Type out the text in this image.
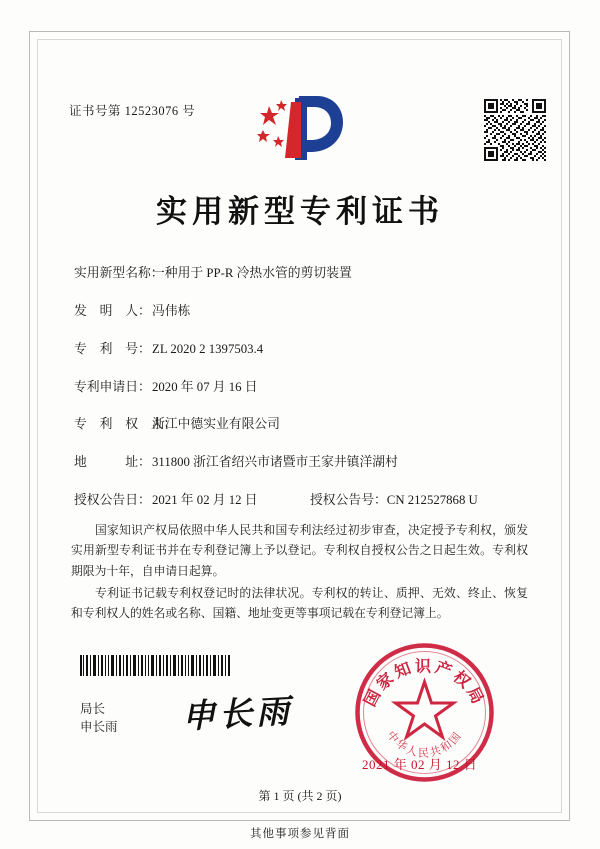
证书号第 12523076 号
实用新型专利证书
实用新型名称：一种用于 PP-R 冷热水管的剪切装置
发　明　人：冯伟栋
专　利　号：ZL 2020 2 1397503.4
专利申请日：2020 年 07 月 16 日
专　利　权　人：浙江中德实业有限公司
地　　　址：311800 浙江省绍兴市诸暨市王家井镇洋湖村
授权公告日：2021 年 02 月 12 日	授权公告号：CN 212527868 U
国家知识产权局依照中华人民共和国专利法经过初步审查，决定授予专利权，颁发实用新型专利证书并在专利登记簿上予以登记。专利权自授权公告之日起生效。专利权期限为十年，自申请日起算。
专利证书记载专利权登记时的法律状况。专利权的转让、质押、无效、终止、恢复和专利权人的姓名或名称、国籍、地址变更等事项记载在专利登记簿上。
局长
申长雨 申长雨	国家知识产权局
中华人民共和国
2021 年 02 月 12 日
第 1 页 (共 2 页)
其他事项参见背面
